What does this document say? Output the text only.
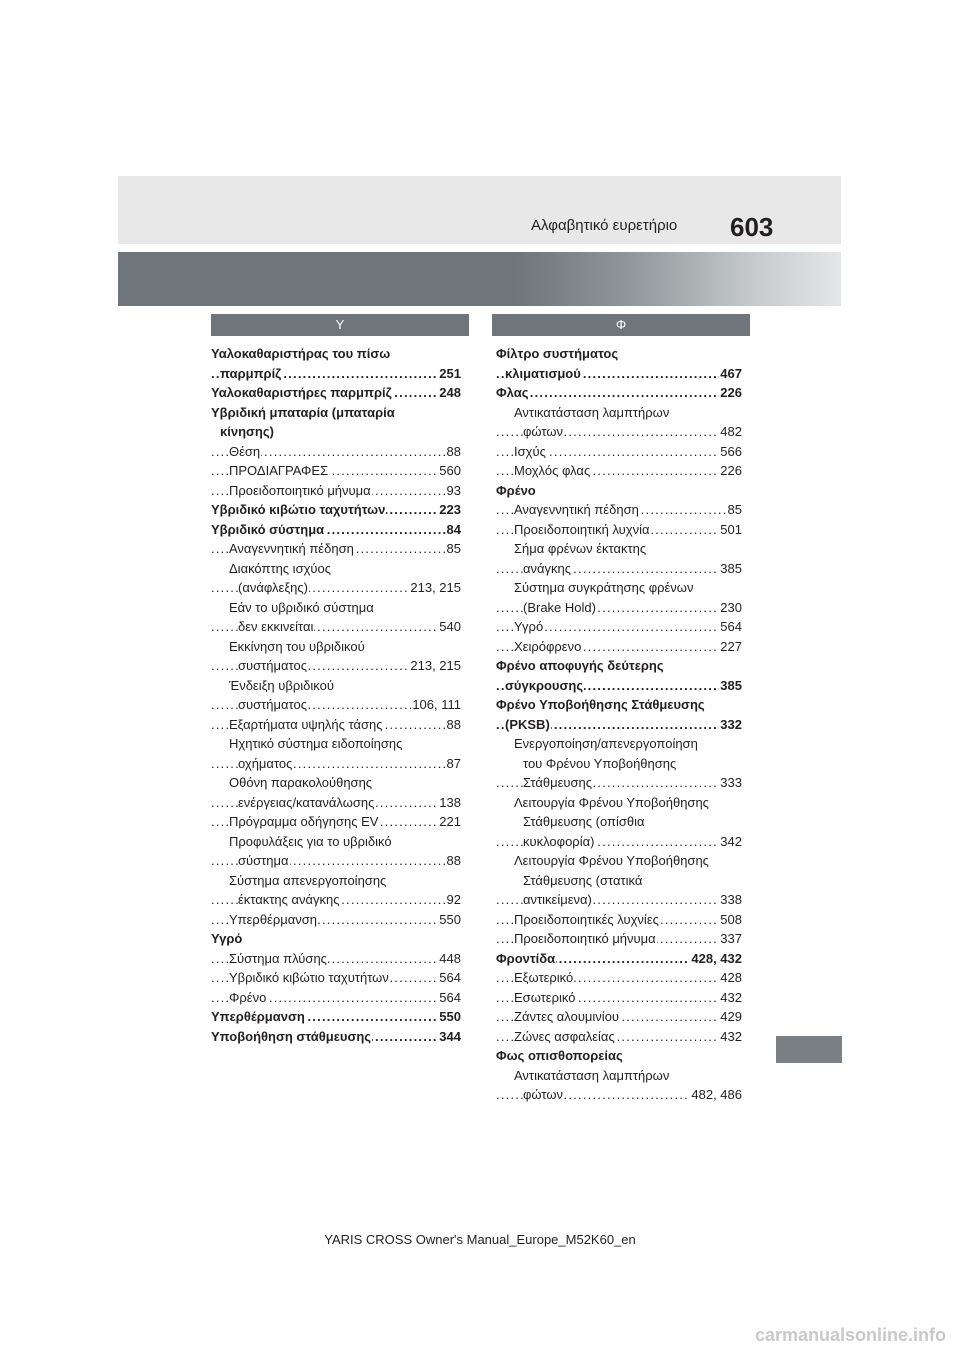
Αλφαβητικό ευρετήριο 603
Υ	Φ
Υαλοκαθαριστήρας του πίσω
παρμπρίζ	251
. . .
Υαλοκαθαριστήρες παρμπρίζ	248
. . .
Υβριδική μπαταρία (μπαταρία
κίνησης)
Θέση	88
. . .
ΠΡΟΔΙΑΓΡΑΦΕΣ	560
. . .
Προειδοποιητικό μήνυμα	93
. . .
Υβριδικό κιβώτιο ταχυτήτων	223
. . .
Υβριδικό σύστημα	84
. . .
Αναγεννητική πέδηση	85
. . .
Διακόπτης ισχύος
(ανάφλεξης)	213, 215
. . .
Εάν το υβριδικό σύστημα
δεν εκκινείται	540
. . .
Εκκίνηση του υβριδικού
συστήματος	213, 215
. . .
Ένδειξη υβριδικού
συστήματος	106, 111
. . .
Εξαρτήματα υψηλής τάσης	88
. . .
Ηχητικό σύστημα ειδοποίησης
οχήματος	87
. . .
Οθόνη παρακολούθησης
ενέργειας/κατανάλωσης	138
. . .
Πρόγραμμα οδήγησης EV	221
. . .
Προφυλάξεις για το υβριδικό
σύστημα	88
. . .
Σύστημα απενεργοποίησης
έκτακτης ανάγκης	92
. . .
Υπερθέρμανση	550
. . .
Υγρό
Σύστημα πλύσης	448
. . .
Υβριδικό κιβώτιο ταχυτήτων	564
. . .
Φρένο	564
. . .
Υπερθέρμανση	550
. . .
Υποβοήθηση στάθμευσης	344
. . .
Φίλτρο συστήματος
κλιματισμού	467
. . .
Φλας	226
. . .
Αντικατάσταση λαμπτήρων
φώτων	482
. . .
Ισχύς	566
. . .
Μοχλός φλας	226
. . .
Φρένο
Αναγεννητική πέδηση	85
. . .
Προειδοποιητική λυχνία	501
. . .
Σήμα φρένων έκτακτης
ανάγκης	385
. . .
Σύστημα συγκράτησης φρένων
(Brake Hold)	230
. . .
Υγρό	564
. . .
Χειρόφρενο	227
. . .
Φρένο αποφυγής δεύτερης
σύγκρουσης	385
. . .
Φρένο Υποβοήθησης Στάθμευσης
(PKSB)	332
. . .
Ενεργοποίηση/απενεργοποίηση
του Φρένου Υποβοήθησης
Στάθμευσης	333
. . .
Λειτουργία Φρένου Υποβοήθησης
Στάθμευσης (οπίσθια
κυκλοφορία)	342
. . .
Λειτουργία Φρένου Υποβοήθησης
Στάθμευσης (στατικά
αντικείμενα)	338
. . .
Προειδοποιητικές λυχνίες	508
. . .
Προειδοποιητικό μήνυμα	337
. . .
Φροντίδα	428, 432
. . .
Εξωτερικό	428
. . .
Εσωτερικό	432
. . .
Ζάντες αλουμινίου	429
. . .
Ζώνες ασφαλείας	432
. . .
Φως οπισθοπορείας
Αντικατάσταση λαμπτήρων
φώτων	482, 486
. . .
YARIS CROSS Owner's Manual_Europe_M52K60_en
carmanualsonline.info
